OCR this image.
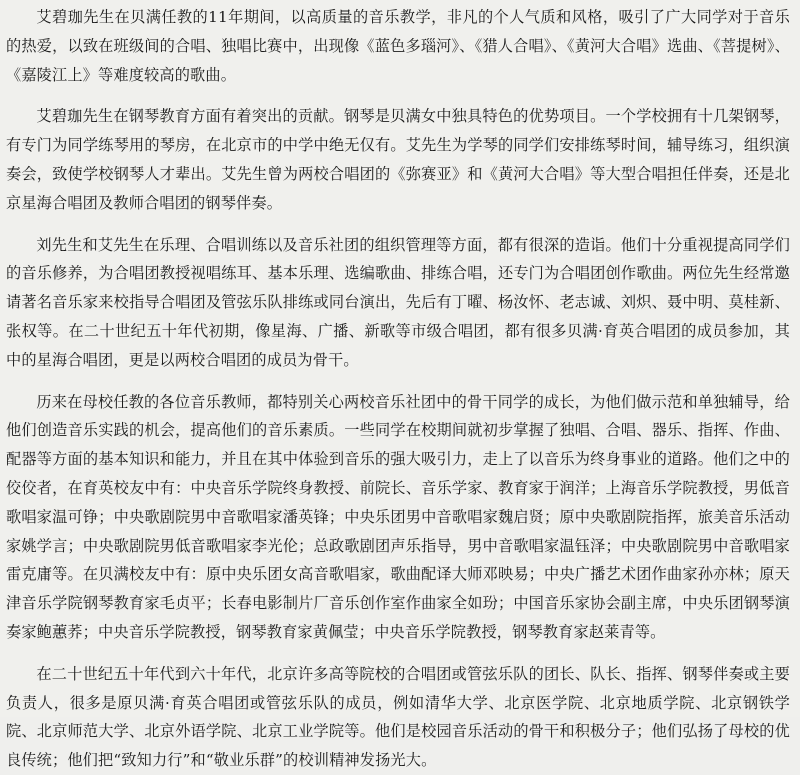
艾碧珈先生在贝满任教的11年期间，以高质量的音乐教学，非凡的个人气质和风格，吸引了广大同学对于音乐的热爱，以致在班级间的合唱、独唱比赛中，出现像《蓝色多瑙河》、《猎人合唱》、《黄河大合唱》选曲、《菩提树》、《嘉陵江上》等难度较高的歌曲。

艾碧珈先生在钢琴教育方面有着突出的贡献。钢琴是贝满女中独具特色的优势项目。一个学校拥有十几架钢琴，有专门为同学练琴用的琴房，在北京市的中学中绝无仅有。艾先生为学琴的同学们安排练琴时间，辅导练习，组织演奏会，致使学校钢琴人才辈出。艾先生曾为两校合唱团的《弥赛亚》和《黄河大合唱》等大型合唱担任伴奏，还是北京星海合唱团及教师合唱团的钢琴伴奏。

刘先生和艾先生在乐理、合唱训练以及音乐社团的组织管理等方面，都有很深的造诣。他们十分重视提高同学们的音乐修养，为合唱团教授视唱练耳、基本乐理、选编歌曲、排练合唱，还专门为合唱团创作歌曲。两位先生经常邀请著名音乐家来校指导合唱团及管弦乐队排练或同台演出，先后有丁曜、杨汝怀、老志诚、刘炽、聂中明、莫桂新、张权等。在二十世纪五十年代初期，像星海、广播、新歌等市级合唱团，都有很多贝满·育英合唱团的成员参加，其中的星海合唱团，更是以两校合唱团的成员为骨干。

历来在母校任教的各位音乐教师，都特别关心两校音乐社团中的骨干同学的成长，为他们做示范和单独辅导，给他们创造音乐实践的机会，提高他们的音乐素质。一些同学在校期间就初步掌握了独唱、合唱、器乐、指挥、作曲、配器等方面的基本知识和能力，并且在其中体验到音乐的强大吸引力，走上了以音乐为终身事业的道路。他们之中的佼佼者，在育英校友中有：中央音乐学院终身教授、前院长、音乐学家、教育家于润洋；上海音乐学院教授，男低音歌唱家温可铮；中央歌剧院男中音歌唱家潘英锋；中央乐团男中音歌唱家魏启贤；原中央歌剧院指挥，旅美音乐活动家姚学言；中央歌剧院男低音歌唱家李光伦；总政歌剧团声乐指导，男中音歌唱家温钰泽；中央歌剧院男中音歌唱家雷克庸等。在贝满校友中有：原中央乐团女高音歌唱家，歌曲配译大师邓映易；中央广播艺术团作曲家孙亦林；原天津音乐学院钢琴教育家毛贞平；长春电影制片厂音乐创作室作曲家全如玢；中国音乐家协会副主席，中央乐团钢琴演奏家鲍蕙荞；中央音乐学院教授，钢琴教育家黄佩莹；中央音乐学院教授，钢琴教育家赵莱青等。

在二十世纪五十年代到六十年代，北京许多高等院校的合唱团或管弦乐队的团长、队长、指挥、钢琴伴奏或主要负责人，很多是原贝满·育英合唱团或管弦乐队的成员，例如清华大学、北京医学院、北京地质学院、北京钢铁学院、北京师范大学、北京外语学院、北京工业学院等。他们是校园音乐活动的骨干和积极分子；他们弘扬了母校的优良传统；他们把“致知力行”和“敬业乐群”的校训精神发扬光大。
